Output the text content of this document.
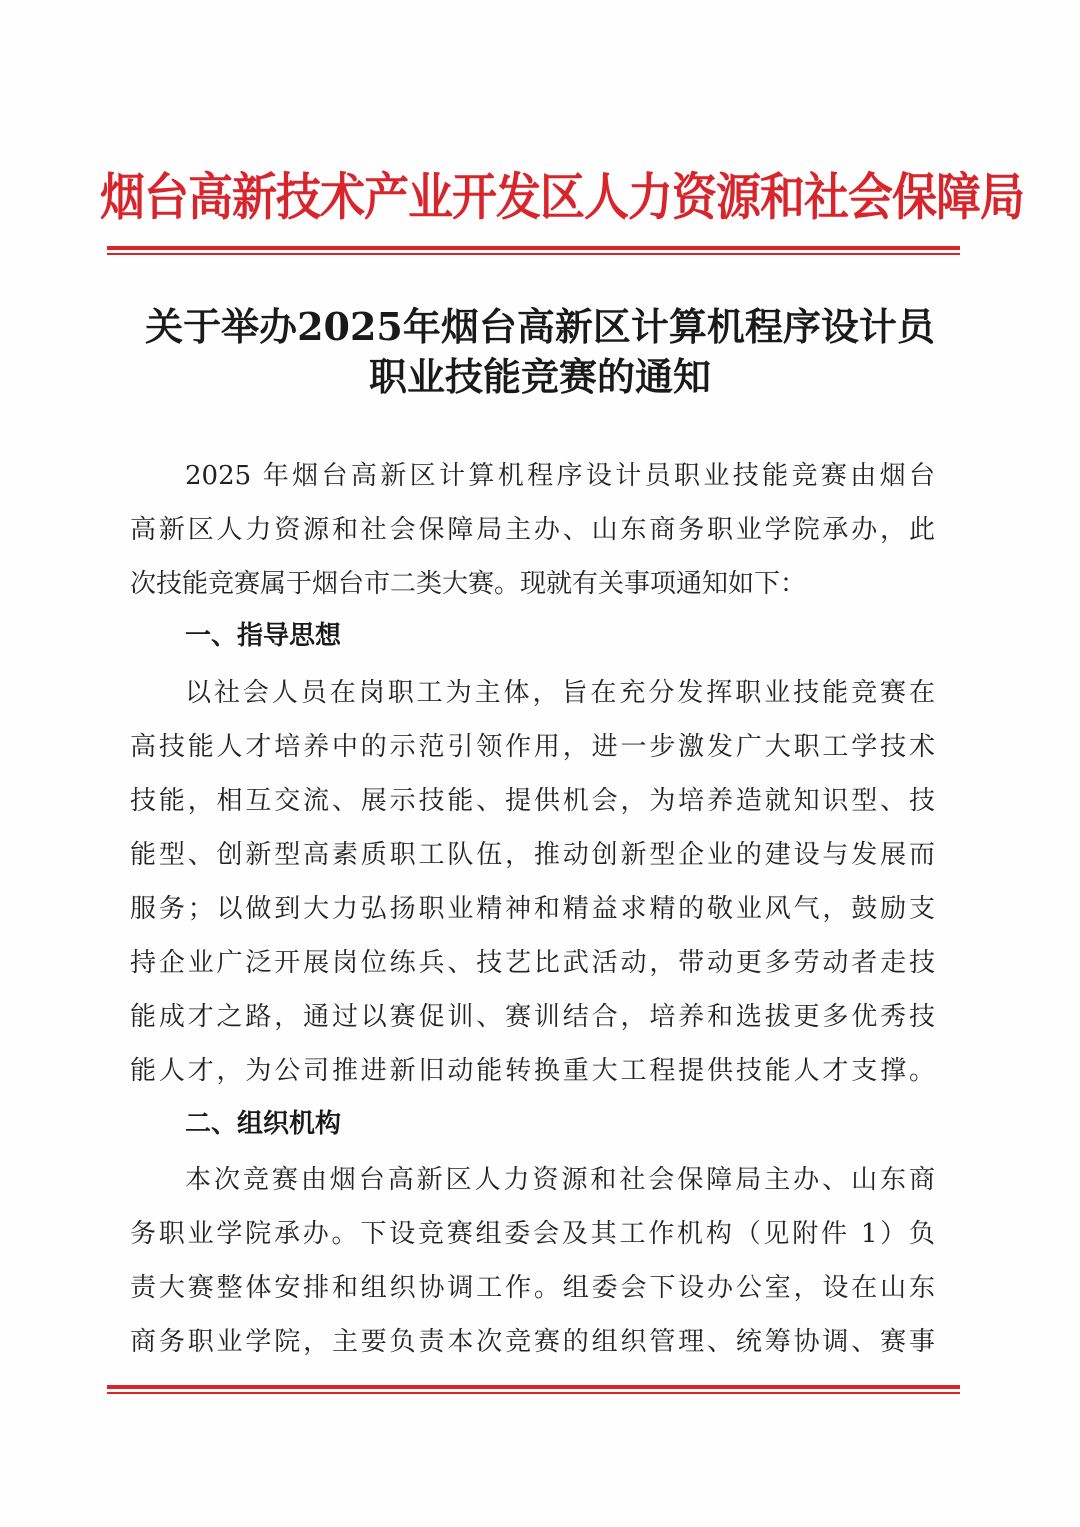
烟台高新技术产业开发区人力资源和社会保障局
关于举办2025年烟台高新区计算机程序设计员
职业技能竞赛的通知
2025 年烟台高新区计算机程序设计员职业技能竞赛由烟台
高新区人力资源和社会保障局主办、山东商务职业学院承办，此
次技能竞赛属于烟台市二类大赛。现就有关事项通知如下：
一、指导思想
以社会人员在岗职工为主体，旨在充分发挥职业技能竞赛在
高技能人才培养中的示范引领作用，进一步激发广大职工学技术
技能，相互交流、展示技能、提供机会，为培养造就知识型、技
能型、创新型高素质职工队伍，推动创新型企业的建设与发展而
服务；以做到大力弘扬职业精神和精益求精的敬业风气，鼓励支
持企业广泛开展岗位练兵、技艺比武活动，带动更多劳动者走技
能成才之路，通过以赛促训、赛训结合，培养和选拔更多优秀技
能人才，为公司推进新旧动能转换重大工程提供技能人才支撑。
二、组织机构
本次竞赛由烟台高新区人力资源和社会保障局主办、山东商
务职业学院承办。下设竞赛组委会及其工作机构（见附件 1）负
责大赛整体安排和组织协调工作。组委会下设办公室，设在山东
商务职业学院，主要负责本次竞赛的组织管理、统筹协调、赛事
